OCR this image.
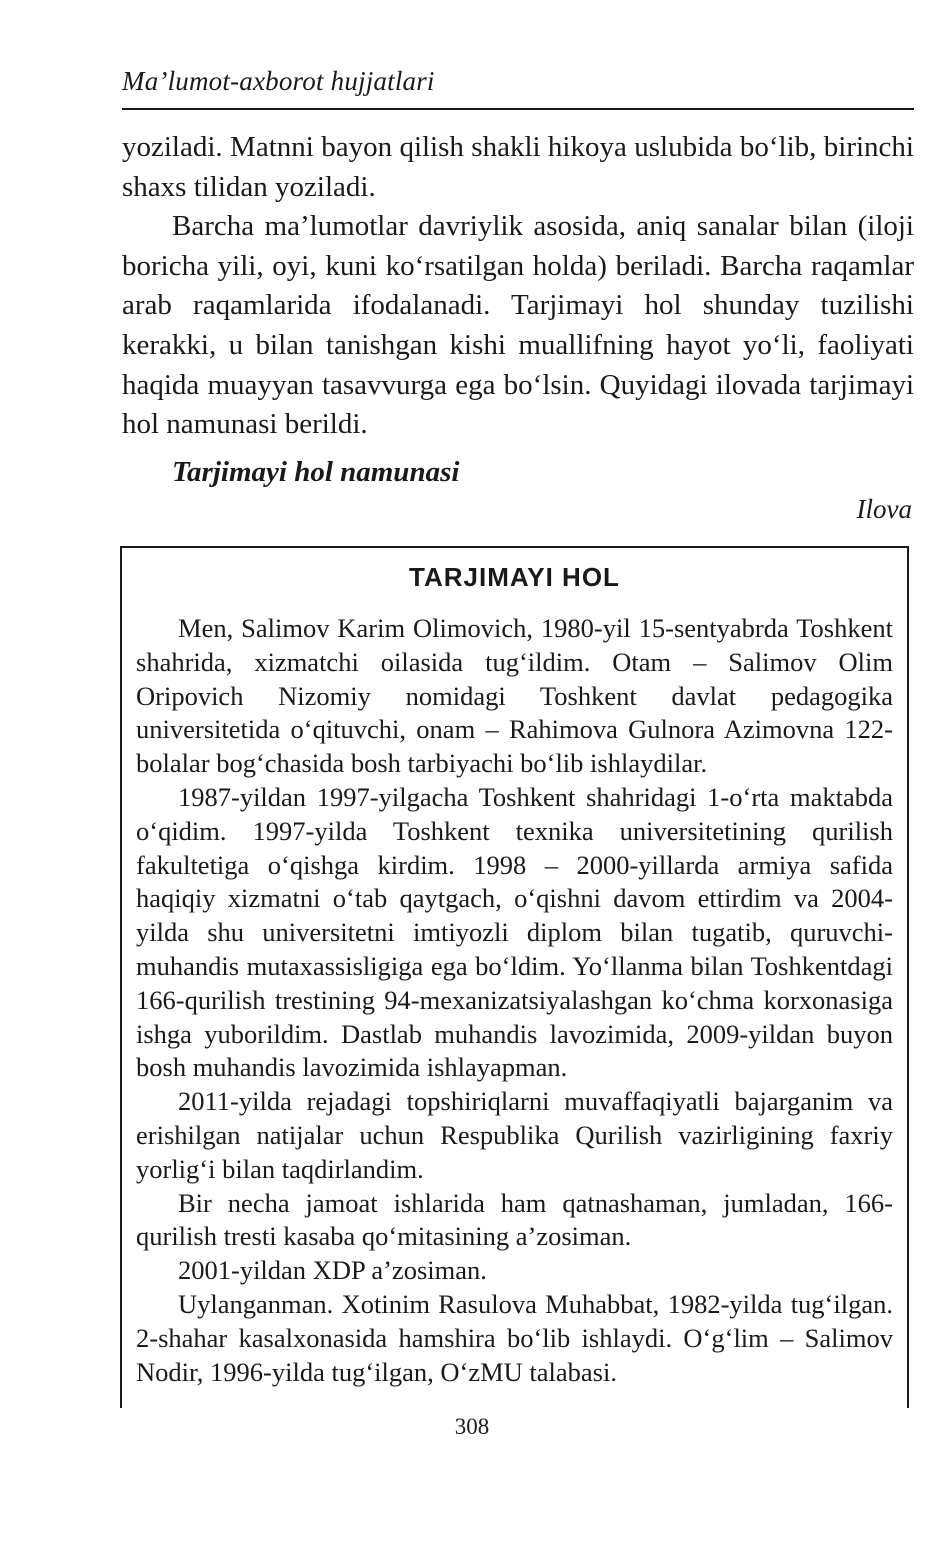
Ma’lumot-axborot hujjatlari

yoziladi. Matnni bayon qilish shakli hikoya uslubida bo‘lib, birinchi shaxs tilidan yoziladi.

Barcha ma’lumotlar davriylik asosida, aniq sanalar bilan (iloji boricha yili, oyi, kuni ko‘rsatilgan holda) beriladi. Barcha raqamlar arab raqamlarida ifodalanadi. Tarjimayi hol shunday tuzilishi kerakki, u bilan tanishgan kishi muallifning hayot yo‘li, faoliyati haqida muayyan tasavvurga ega bo‘lsin. Quyidagi ilovada tarjimayi hol namunasi berildi.

Tarjimayi hol namunasi
Ilova
TARJIMAYI HOL

Men, Salimov Karim Olimovich, 1980-yil 15-sentyabrda Toshkent shahrida, xizmatchi oilasida tug‘ildim. Otam – Salimov Olim Oripovich Nizomiy nomidagi Toshkent davlat pedagogika universitetida o‘qituvchi, onam – Rahimova Gulnora Azimovna 122-bolalar bog‘chasida bosh tarbiyachi bo‘lib ishlaydilar.

1987-yildan 1997-yilgacha Toshkent shahridagi 1-o‘rta maktabda o‘qidim. 1997-yilda Toshkent texnika universitetining qurilish fakultetiga o‘qishga kirdim. 1998 – 2000-yillarda armiya safida haqiqiy xizmatni o‘tab qaytgach, o‘qishni davom ettirdim va 2004-yilda shu universitetni imtiyozli diplom bilan tugatib, quruvchi-muhandis mutaxassisligiga ega bo‘ldim. Yo‘llanma bilan Toshkentdagi 166-qurilish trestining 94-mexanizatsiyalashgan ko‘chma korxonasiga ishga yuborildim. Dastlab muhandis lavozimida, 2009-yildan buyon bosh muhandis lavozimida ishlayapman.

2011-yilda rejadagi topshiriqlarni muvaffaqiyatli bajarganim va erishilgan natijalar uchun Respublika Qurilish vazirligining faxriy yorlig‘i bilan taqdirlandim.

Bir necha jamoat ishlarida ham qatnashaman, jumladan, 166-qurilish tresti kasaba qo‘mitasining a’zosiman.

2001-yildan XDP a’zosiman.

Uylanganman. Xotinim Rasulova Muhabbat, 1982-yilda tug‘ilgan. 2-shahar kasalxonasida hamshira bo‘lib ishlaydi. O‘g‘lim – Salimov Nodir, 1996-yilda tug‘ilgan, O‘zMU talabasi.

308
